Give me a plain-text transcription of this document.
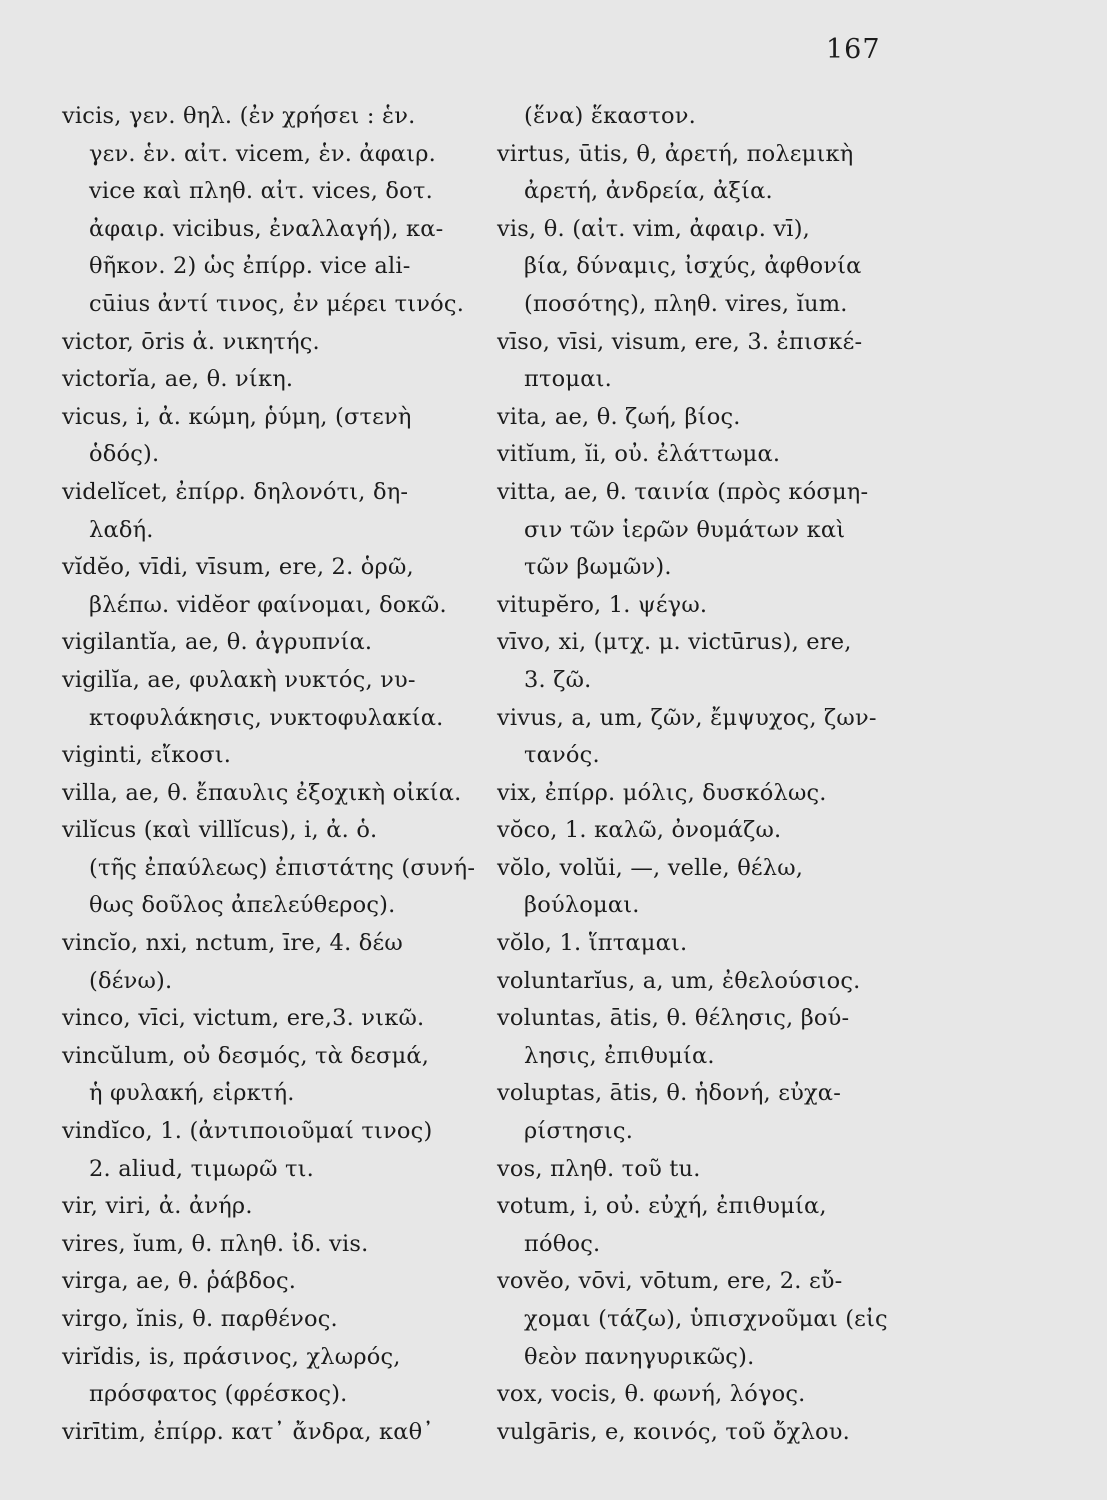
167
vicis, γεν. θηλ. (ἐν χρήσει : ἑν.
γεν. ἑν. αἰτ. vicem, ἑν. ἀφαιρ.
vice καὶ πληθ. αἰτ. vices, δοτ.
ἀφαιρ. vicibus, ἐναλλαγή), κα-
θῆκον. 2) ὡς ἐπίρρ. vice ali-
cūius ἀντί τινος, ἐν μέρει τινός.
victor, ōris ἀ. νικητής.
victorĭa, ae, θ. νίκη.
vicus, i, ἀ. κώμη, ῥύμη, (στενὴ
ὁδός).
videlĭcet, ἐπίρρ. δηλονότι, δη-
λαδή.
vĭdĕo, vīdi, vīsum, ere, 2. ὁρῶ,
βλέπω. vidĕor φαίνομαι, δοκῶ.
vigilantĭa, ae, θ. ἀγρυπνία.
vigilĭa, ae, φυλακὴ νυκτός, νυ-
κτοφυλάκησις, νυκτοφυλακία.
viginti, εἴκοσι.
villa, ae, θ. ἔπαυλις ἐξοχικὴ οἰκία.
vilĭcus (καὶ villĭcus), i, ἀ. ὁ.
(τῆς ἐπαύλεως) ἐπιστάτης (συνή-
θως δοῦλος ἀπελεύθερος).
vincĭo, nxi, nctum, īre, 4. δέω
(δένω).
vinco, vīci, victum, ere,3. νικῶ.
vincŭlum, οὐ δεσμός, τὰ δεσμά,
ἡ φυλακή, εἱρκτή.
vindĭco, 1. (ἀντιποιοῦμαί τινος)
2. aliud, τιμωρῶ τι.
vir, viri, ἀ. ἀνήρ.
vires, ĭum, θ. πληθ. ἰδ. vis.
virga, ae, θ. ῥάβδος.
virgo, ĭnis, θ. παρθένος.
virĭdis, is, πράσινος, χλωρός,
πρόσφατος (φρέσκος).
virītim, ἐπίρρ. κατ᾽ ἄνδρα, καθ᾽
(ἕνα) ἕκαστον.
virtus, ūtis, θ, ἀρετή, πολεμικὴ
ἀρετή, ἀνδρεία, ἀξία.
vis, θ. (αἰτ. vim, ἀφαιρ. vī),
βία, δύναμις, ἰσχύς, ἀφθονία
(ποσότης), πληθ. vires, ĭum.
vīso, vīsi, visum, ere, 3. ἐπισκέ-
πτομαι.
vita, ae, θ. ζωή, βίος.
vitĭum, ĭi, οὐ. ἐλάττωμα.
vitta, ae, θ. ταινία (πρὸς κόσμη-
σιν τῶν ἱερῶν θυμάτων καὶ
τῶν βωμῶν).
vitupĕro, 1. ψέγω.
vīvo, xi, (μτχ. μ. victūrus), ere,
3. ζῶ.
vivus, a, um, ζῶν, ἔμψυχος, ζων-
τανός.
vix, ἐπίρρ. μόλις, δυσκόλως.
vŏco, 1. καλῶ, ὀνομάζω.
vŏlo, volŭi, —, velle, θέλω,
βούλομαι.
vŏlo, 1. ἵπταμαι.
voluntarĭus, a, um, ἐθελούσιος.
voluntas, ātis, θ. θέλησις, βού-
λησις, ἐπιθυμία.
voluptas, ātis, θ. ἡδονή, εὐχα-
ρίστησις.
vos, πληθ. τοῦ tu.
votum, i, οὐ. εὐχή, ἐπιθυμία,
πόθος.
vovĕo, vōvi, vōtum, ere, 2. εὔ-
χομαι (τάζω), ὑπισχνοῦμαι (εἰς
θεὸν πανηγυρικῶς).
vox, vocis, θ. φωνή, λόγος.
vulgāris, e, κοινός, τοῦ ὄχλου.
